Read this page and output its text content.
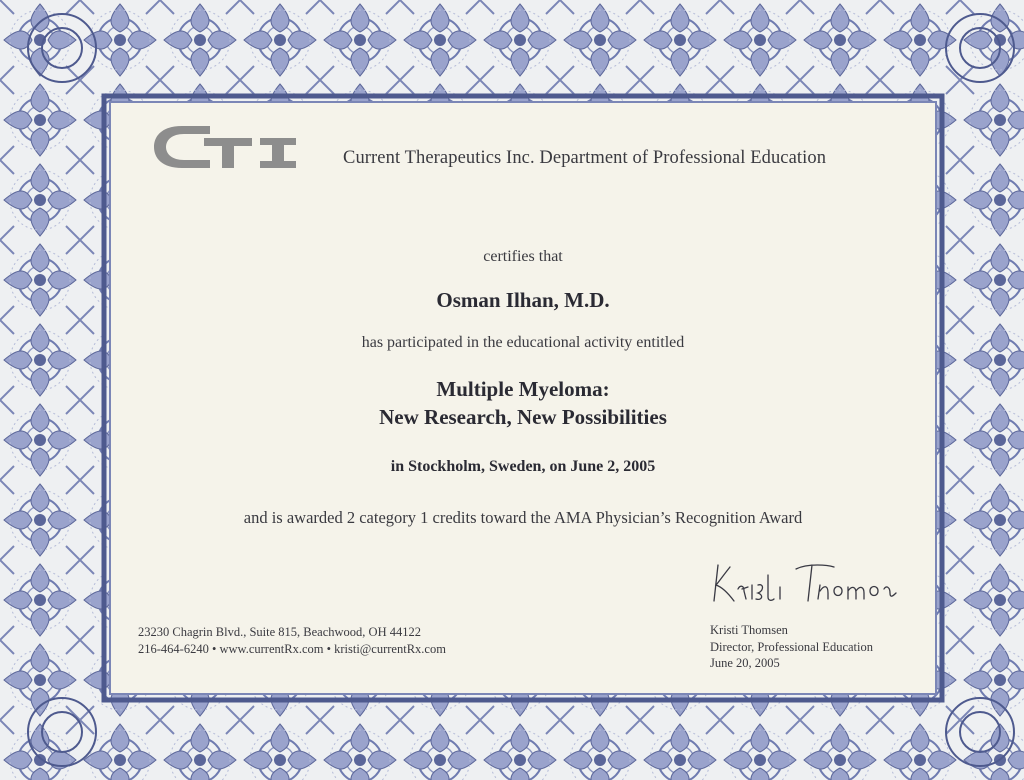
Current Therapeutics Inc. Department of Professional Education
certifies that
Osman Ilhan, M.D.
has participated in the educational activity entitled
Multiple Myeloma:
New Research, New Possibilities
in Stockholm, Sweden, on June 2, 2005
and is awarded 2 category 1 credits toward the AMA Physician’s Recognition Award
23230 Chagrin Blvd., Suite 815, Beachwood, OH 44122
216-464-6240 • www.currentRx.com • kristi@currentRx.com
Kristi Thomsen
Director, Professional Education
June 20, 2005
